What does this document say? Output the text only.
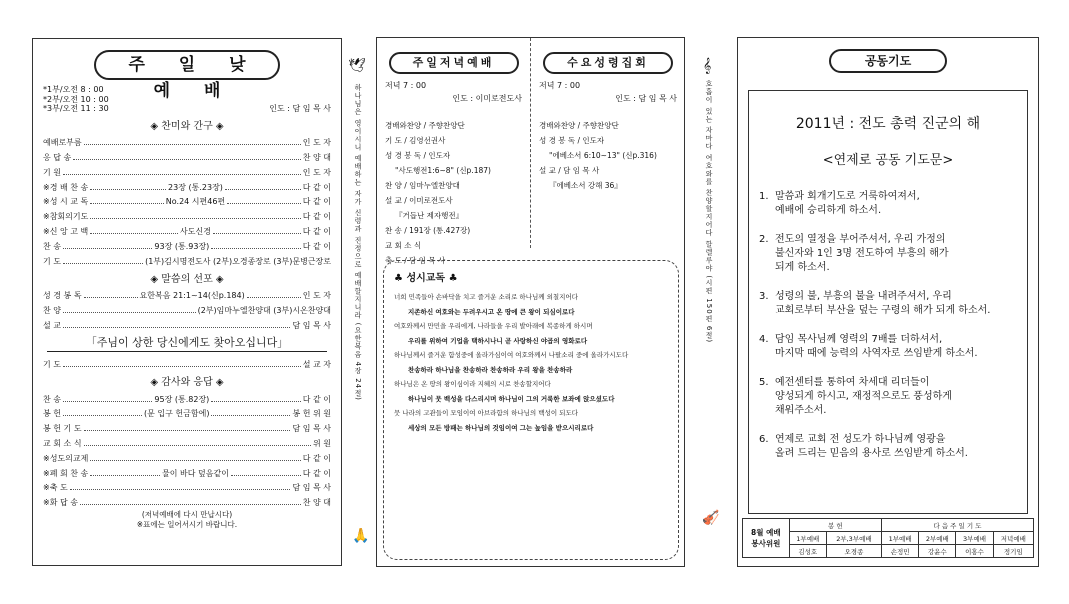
주 일 낮 예 배
*1부/오전 8 : 00
*2부/오전 10 : 00
*3부/오전 11 : 30	인도 : 담 임 목 사
◈ 찬미와 간구 ◈
예배로부름	인 도 자
응 답 송	찬 양 대
기 원	인 도 자
※경 배 찬 송	23장 (통.23장)	다 같 이
※성 시 교 독	No.24 시편46편	다 같 이
※참회의기도	다 같 이
※신 앙 고 백	사도신경	다 같 이
찬 송	93장 (통.93장)	다 같 이
기 도	(1부)김시명전도사 (2부)오경종장로 (3부)문병근장로
◈ 말씀의 선포 ◈
성 경 봉 독	요한복음 21:1~14(신p.184)	인 도 자
찬 양	(2부)임마누엘찬양대 (3부)시온찬양대
설 교	담 임 목 사
「주님이 상한 당신에게도 찾아오십니다」
기 도	설 교 자
◈ 감사와 응답 ◈
찬 송	95장 (통.82장)	다 같 이
봉 헌	(문 입구 헌금함에)	봉 헌 위 원
봉 헌 기 도	담 임 목 사
교 회 소 식	위 원
※성도의교제	다 같 이
※폐 회 찬 송	물이 바다 덮음같이	다 같 이
※축 도	담 임 목 사
※화 답 송	찬 양 대
(저녁예배에 다시 만납시다)
※표에는 일어서시기 바랍니다.
🕊
하나님은 영이시니 예배하는 자가 신령과 진정으로 예배할지니라 (요한복음 4장 24절)
🙏
𝄞
호흡이 있는 자마다 여호와를 찬양할지어다 할렐루야 (시편 150편 6절)
🎻
주일저녁예배
저녁 7 : 00
인도 : 이미로전도사
경배와찬양 / 주향찬양단
기 도 / 김영선권사
성 경 봉 독 / 인도자
"사도행전1:6~8" (신p.187)
찬 양 / 임마누엘찬양대
설 교 / 이미로전도사
『거듭난 제자행전』
찬 송 / 191장 (통.427장)
교 회 소 식
축 도 / 담 임 목 사
수요성령집회
저녁 7 : 00
인도 : 담 임 목 사
경배와찬양 / 주향찬양단
성 경 봉 독 / 인도자
"에베소서 6:10~13" (신p.316)
설 교 / 담 임 목 사
『에베소서 강해 36』
♣ 성시교독 ♣
너희 민족들아 손바닥을 치고 즐거운 소리로 하나님께 외칠지어다
지존하신 여호와는 두려우시고 온 땅에 큰 왕이 되심이로다
여호와께서 만민을 우리에게, 나라들을 우리 발아래에 복종하게 하시며
우리를 위하여 기업을 택하시나니 곧 사랑하신 야곱의 영화로다
하나님께서 즐거운 함성중에 올라가심이여 여호와께서 나팔소리 중에 올라가시도다
찬송하라 하나님을 찬송하라 찬송하라 우리 왕을 찬송하라
하나님은 온 땅의 왕이심이라 지혜의 시로 찬송할지어다
하나님이 뭇 백성을 다스리시며 하나님이 그의 거룩한 보좌에 앉으셨도다
뭇 나라의 고관들이 모임이여 아브라함의 하나님의 백성이 되도다
세상의 모든 방패는 하나님의 것임이여 그는 높임을 받으시리로다
공동기도
2011년 : 전도 총력 진군의 해
<연제로 공동 기도문>
1. 말씀과 회개기도로 거룩하여져서,
예배에 승리하게 하소서.
2. 전도의 열정을 부어주셔서, 우리 가정의
불신자와 1인 3명 전도하여 부흥의 해가
되게 하소서.
3. 성령의 불, 부흥의 불을 내려주셔서, 우리
교회로부터 부산을 덮는 구령의 해가 되게 하소서.
4. 담임 목사님께 영력의 7배를 더하셔서,
마지막 때에 능력의 사역자로 쓰임받게 하소서.
5. 예전센터를 통하여 차세대 리더들이
양성되게 하시고, 재정적으로도 풍성하게
채워주소서.
6. 연제로 교회 전 성도가 하나님께 영광을
올려 드리는 믿음의 용사로 쓰임받게 하소서.
8월 예배
봉사위원	봉 헌		다 음 주 일 기 도			
	1부예배	2부,3부예배	1부예배	2부예배	3부예배	저녁예배
	김성호	오경종	손정민	강윤수	이홍수	정기임
